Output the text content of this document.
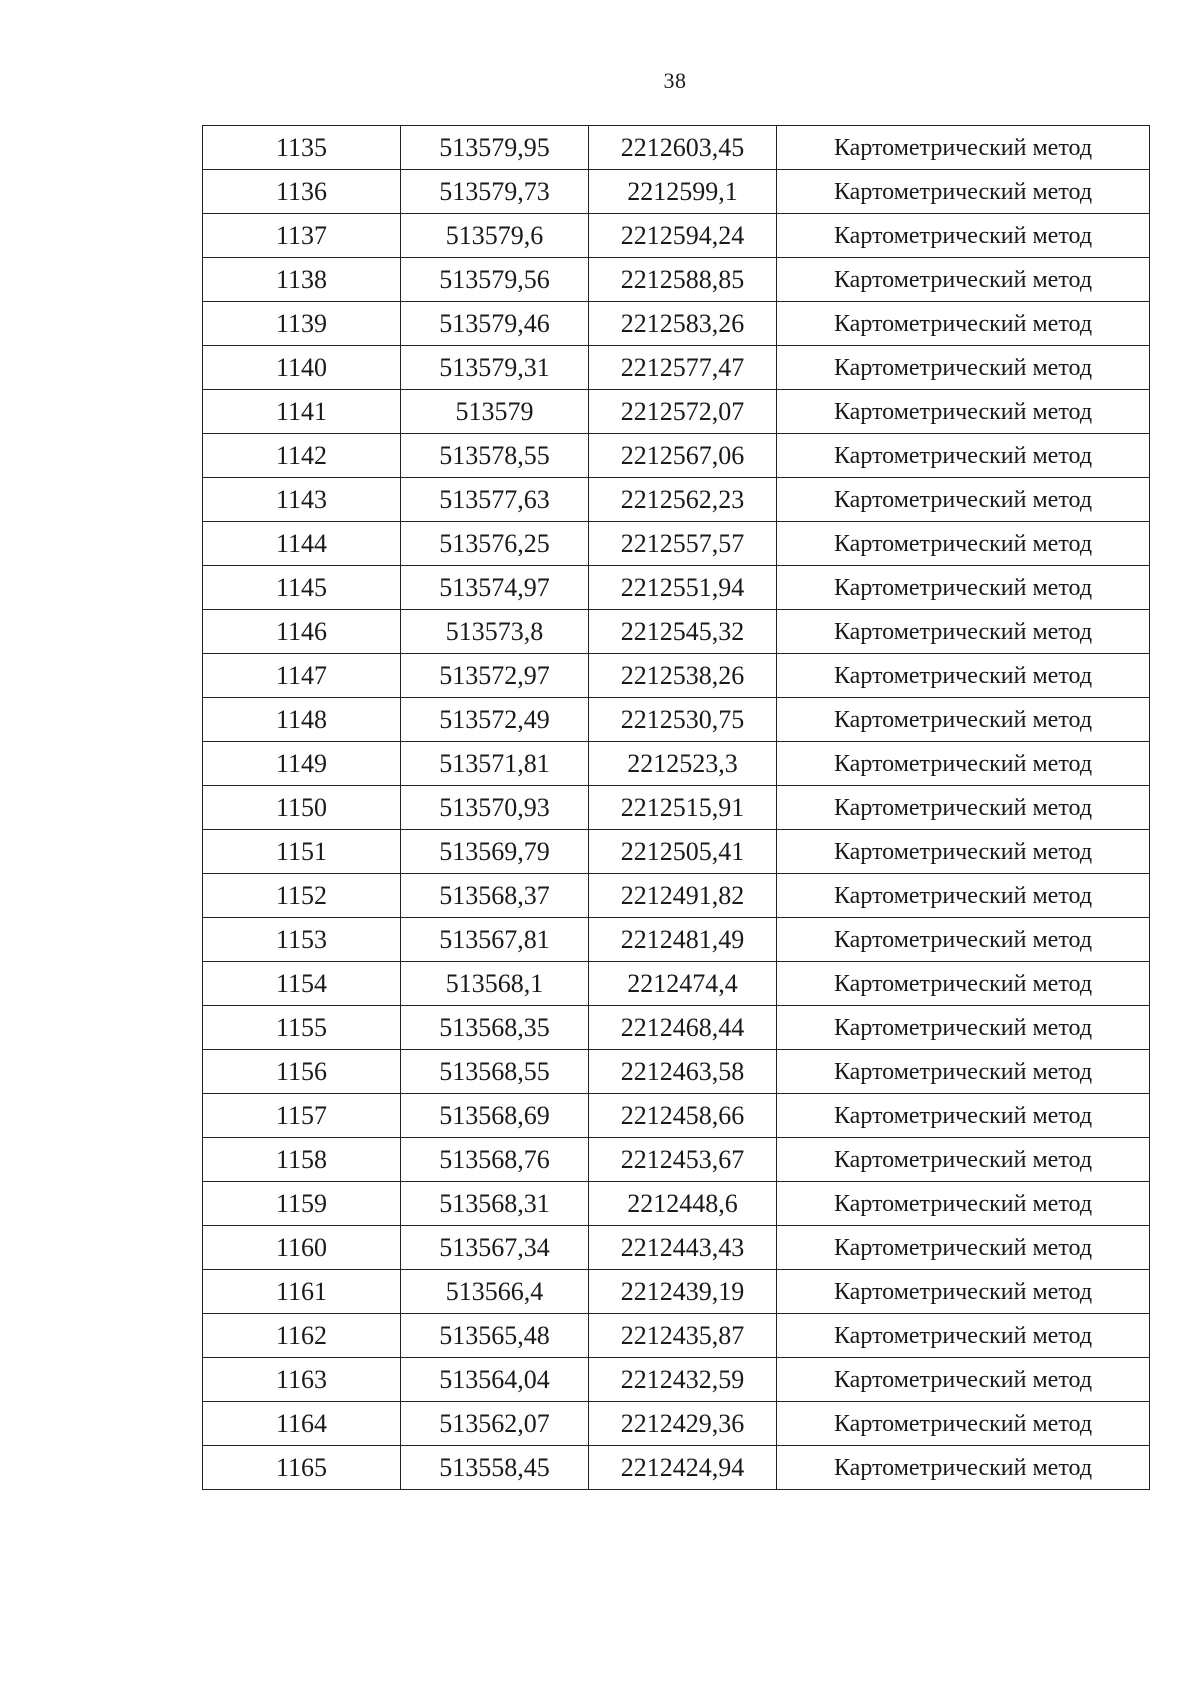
38
1135	513579,95	2212603,45	Картометрический метод
1136	513579,73	2212599,1	Картометрический метод
1137	513579,6	2212594,24	Картометрический метод
1138	513579,56	2212588,85	Картометрический метод
1139	513579,46	2212583,26	Картометрический метод
1140	513579,31	2212577,47	Картометрический метод
1141	513579	2212572,07	Картометрический метод
1142	513578,55	2212567,06	Картометрический метод
1143	513577,63	2212562,23	Картометрический метод
1144	513576,25	2212557,57	Картометрический метод
1145	513574,97	2212551,94	Картометрический метод
1146	513573,8	2212545,32	Картометрический метод
1147	513572,97	2212538,26	Картометрический метод
1148	513572,49	2212530,75	Картометрический метод
1149	513571,81	2212523,3	Картометрический метод
1150	513570,93	2212515,91	Картометрический метод
1151	513569,79	2212505,41	Картометрический метод
1152	513568,37	2212491,82	Картометрический метод
1153	513567,81	2212481,49	Картометрический метод
1154	513568,1	2212474,4	Картометрический метод
1155	513568,35	2212468,44	Картометрический метод
1156	513568,55	2212463,58	Картометрический метод
1157	513568,69	2212458,66	Картометрический метод
1158	513568,76	2212453,67	Картометрический метод
1159	513568,31	2212448,6	Картометрический метод
1160	513567,34	2212443,43	Картометрический метод
1161	513566,4	2212439,19	Картометрический метод
1162	513565,48	2212435,87	Картометрический метод
1163	513564,04	2212432,59	Картометрический метод
1164	513562,07	2212429,36	Картометрический метод
1165	513558,45	2212424,94	Картометрический метод
